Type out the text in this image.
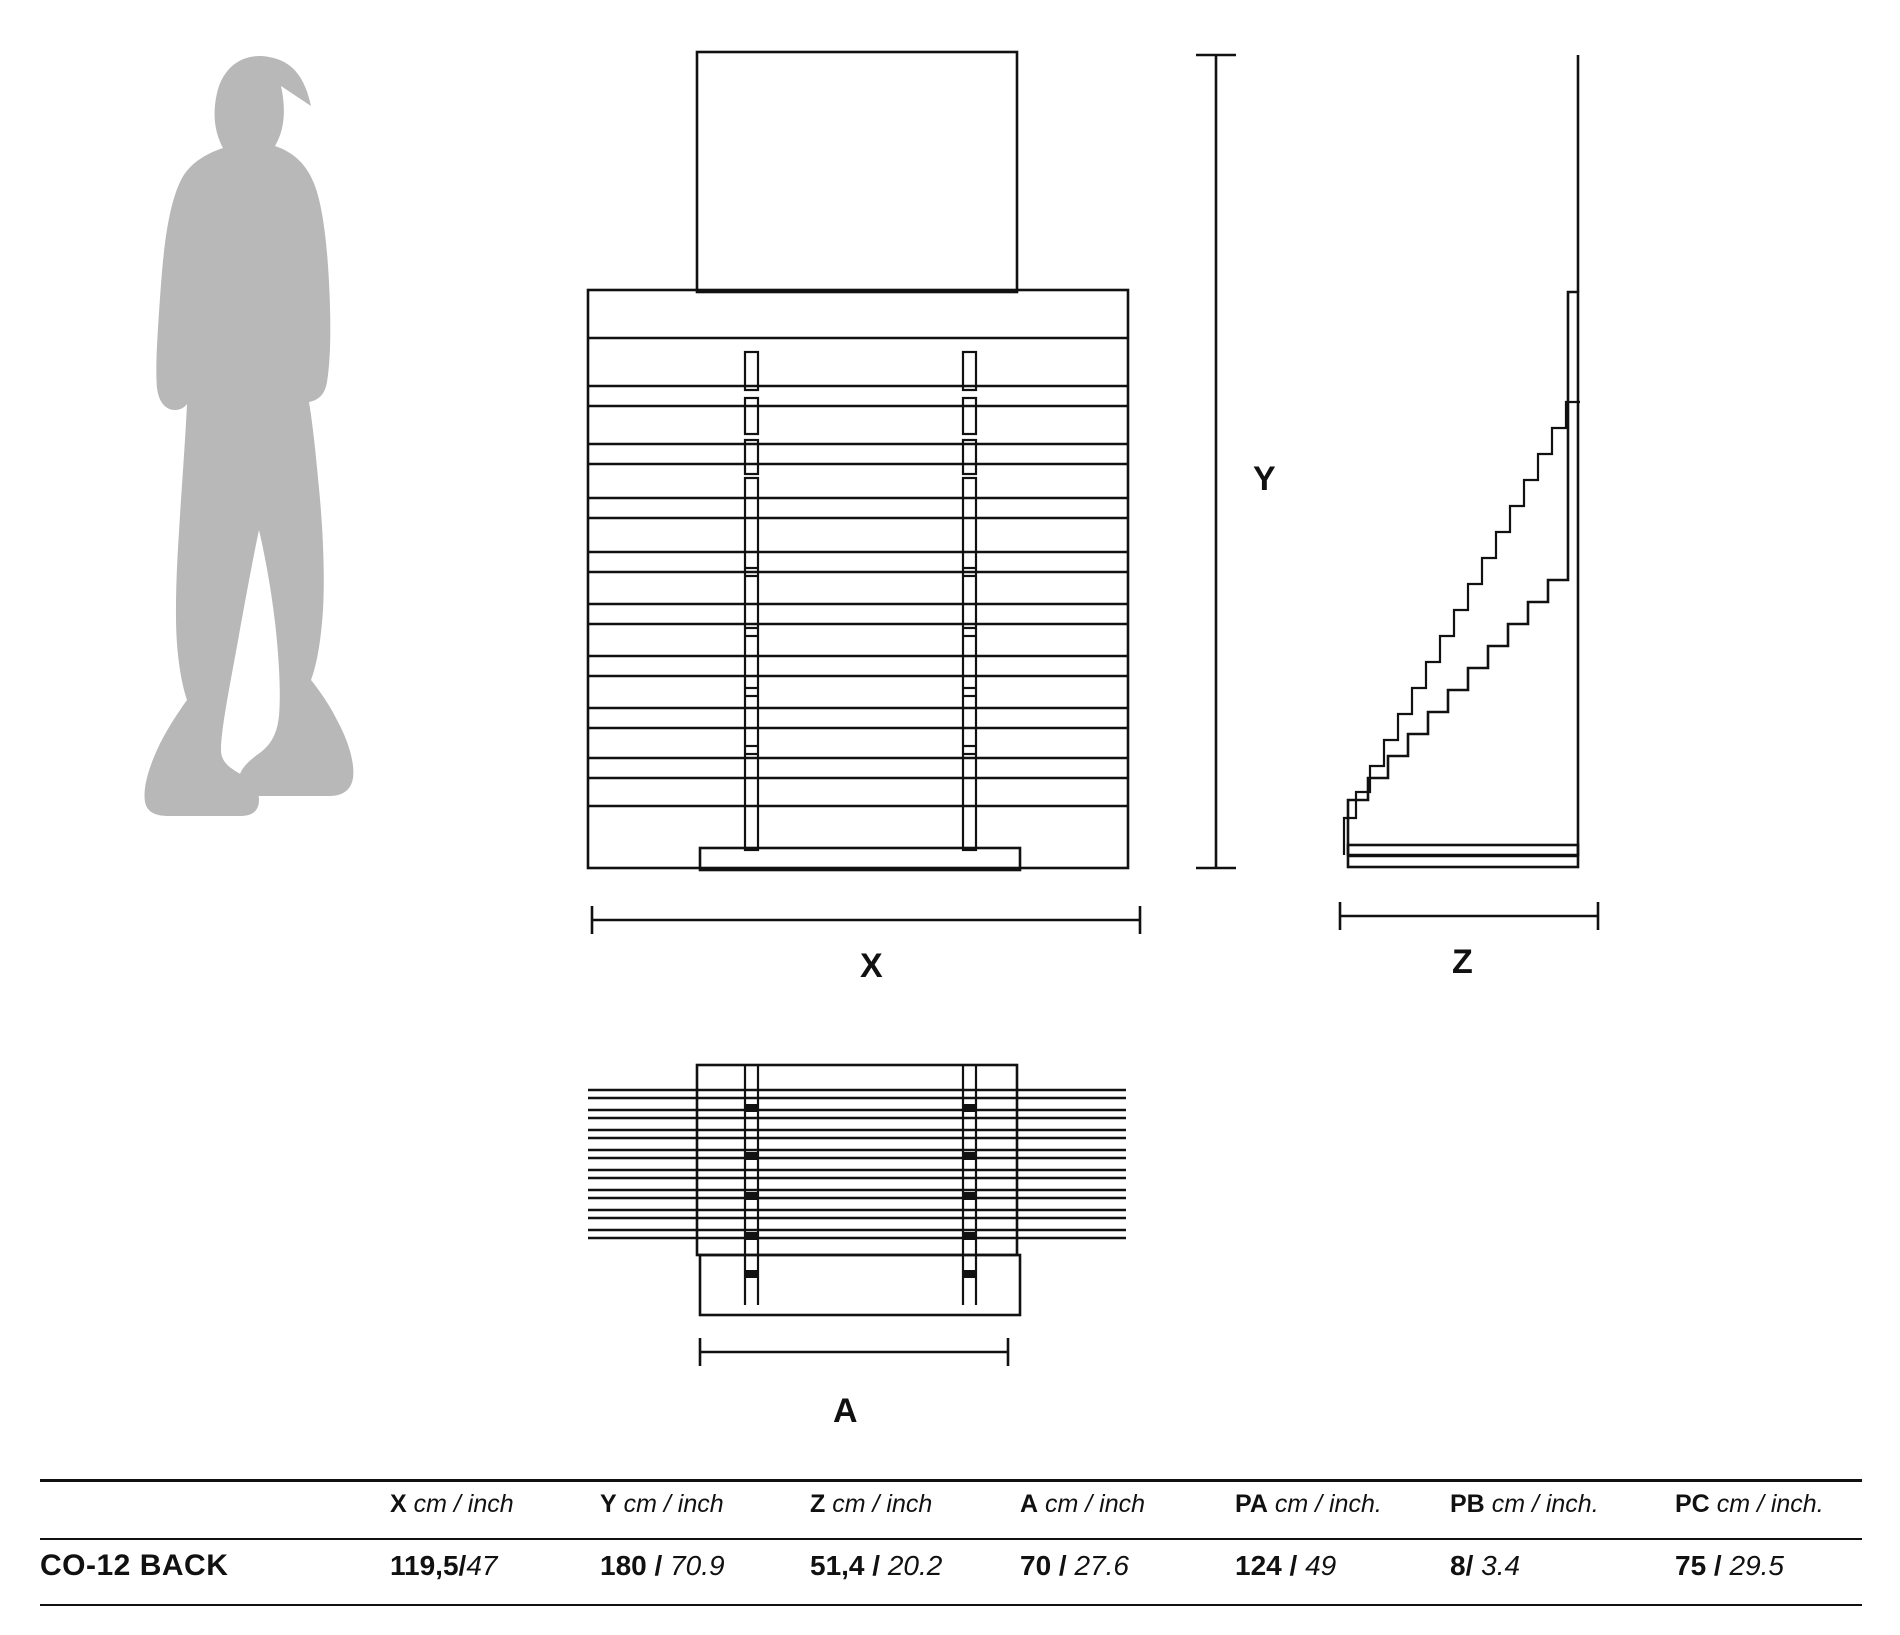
X
Y
Z
A
	X cm / inch	Y cm / inch	Z cm / inch	A cm / inch	PA cm / inch.	PB cm / inch.	PC cm / inch.
CO-12 BACK	119,5/47	180 / 70.9	51,4 / 20.2	70 / 27.6	124 / 49	8/ 3.4	75 / 29.5
